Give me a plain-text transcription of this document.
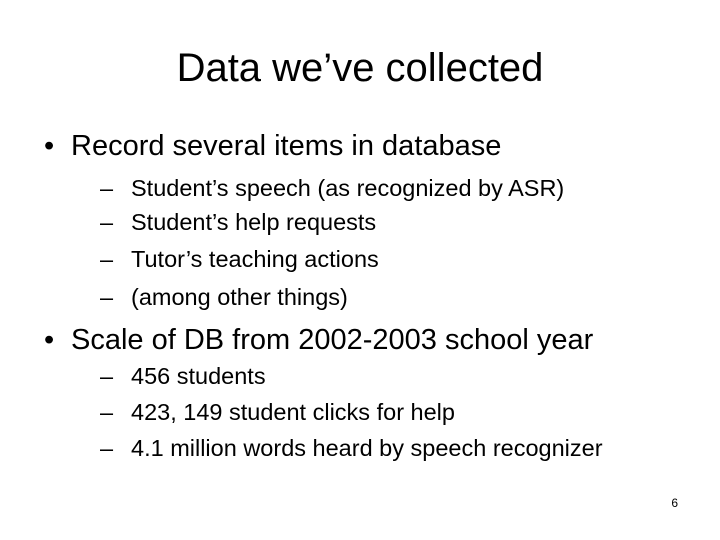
Data we’ve collected
• Record several items in database
– Student’s speech (as recognized by ASR)
– Student’s help requests
– Tutor’s teaching actions
– (among other things)
• Scale of DB from 2002-2003 school year
– 456 students
– 423, 149 student clicks for help
– 4.1 million words heard by speech recognizer
6
